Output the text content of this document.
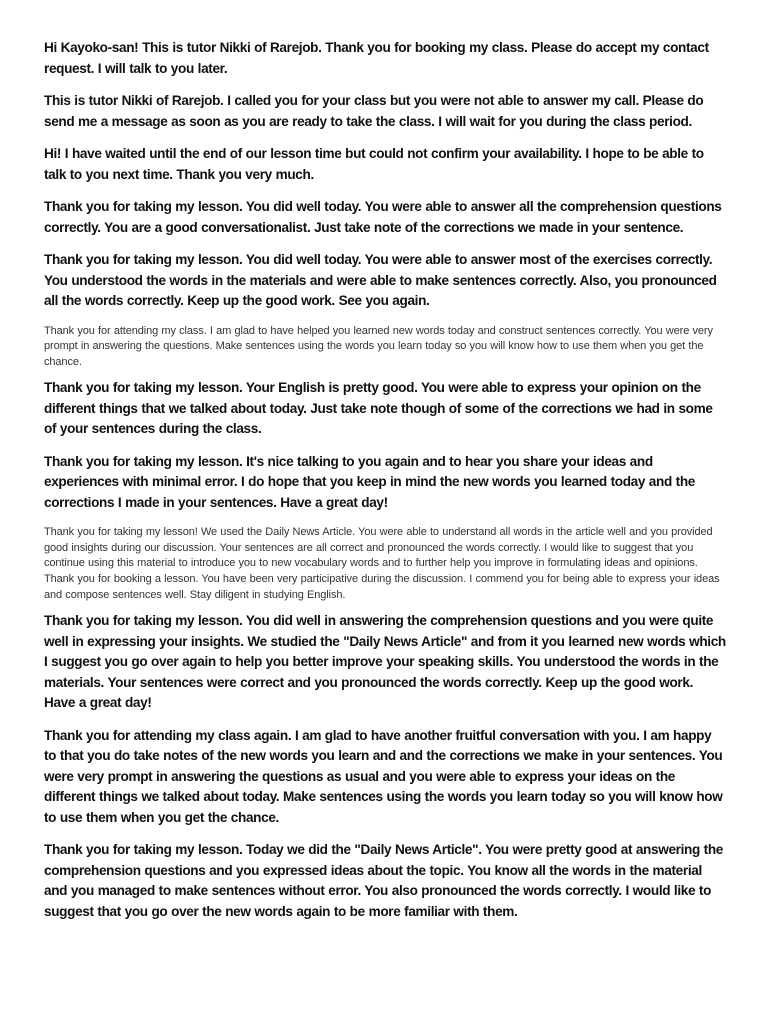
Hi Kayoko-san! This is tutor Nikki of Rarejob. Thank you for booking my class. Please do accept my contact request. I will talk to you later.

This is tutor Nikki of Rarejob. I called you for your class but you were not able to answer my call. Please do send me a message as soon as you are ready to take the class. I will wait for you during the class period.

Hi! I have waited until the end of our lesson time but could not confirm your availability. I hope to be able to talk to you next time. Thank you very much.

Thank you for taking my lesson. You did well today. You were able to answer all the comprehension questions correctly. You are a good conversationalist. Just take note of the corrections we made in your sentence.

Thank you for taking my lesson. You did well today. You were able to answer most of the exercises correctly. You understood the words in the materials and were able to make sentences correctly. Also, you pronounced all the words correctly. Keep up the good work. See you again.

Thank you for attending my class. I am glad to have helped you learned new words today and construct sentences correctly. You were very prompt in answering the questions. Make sentences using the words you learn today so you will know how to use them when you get the chance.

Thank you for taking my lesson. Your English is pretty good. You were able to express your opinion on the different things that we talked about today. Just take note though of some of the corrections we had in some of your sentences during the class.

Thank you for taking my lesson. It's nice talking to you again and to hear you share your ideas and experiences with minimal error. I do hope that you keep in mind the new words you learned today and the corrections I made in your sentences. Have a great day!

Thank you for taking my lesson! We used the Daily News Article. You were able to understand all words in the article well and you provided good insights during our discussion. Your sentences are all correct and pronounced the words correctly. I would like to suggest that you continue using this material to introduce you to new vocabulary words and to further help you improve in formulating ideas and opinions. Thank you for booking a lesson. You have been very participative during the discussion. I commend you for being able to express your ideas and compose sentences well. Stay diligent in studying English.

Thank you for taking my lesson. You did well in answering the comprehension questions and you were quite well in expressing your insights. We studied the "Daily News Article" and from it you learned new words which I suggest you go over again to help you better improve your speaking skills. You understood the words in the materials. Your sentences were correct and you pronounced the words correctly. Keep up the good work. Have a great day!

Thank you for attending my class again. I am glad to have another fruitful conversation with you. I am happy to that you do take notes of the new words you learn and and the corrections we make in your sentences. You were very prompt in answering the questions as usual and you were able to express your ideas on the different things we talked about today. Make sentences using the words you learn today so you will know how to use them when you get the chance.

Thank you for taking my lesson. Today we did the "Daily News Article". You were pretty good at answering the comprehension questions and you expressed ideas about the topic. You know all the words in the material and you managed to make sentences without error. You also pronounced the words correctly. I would like to suggest that you go over the new words again to be more familiar with them.
